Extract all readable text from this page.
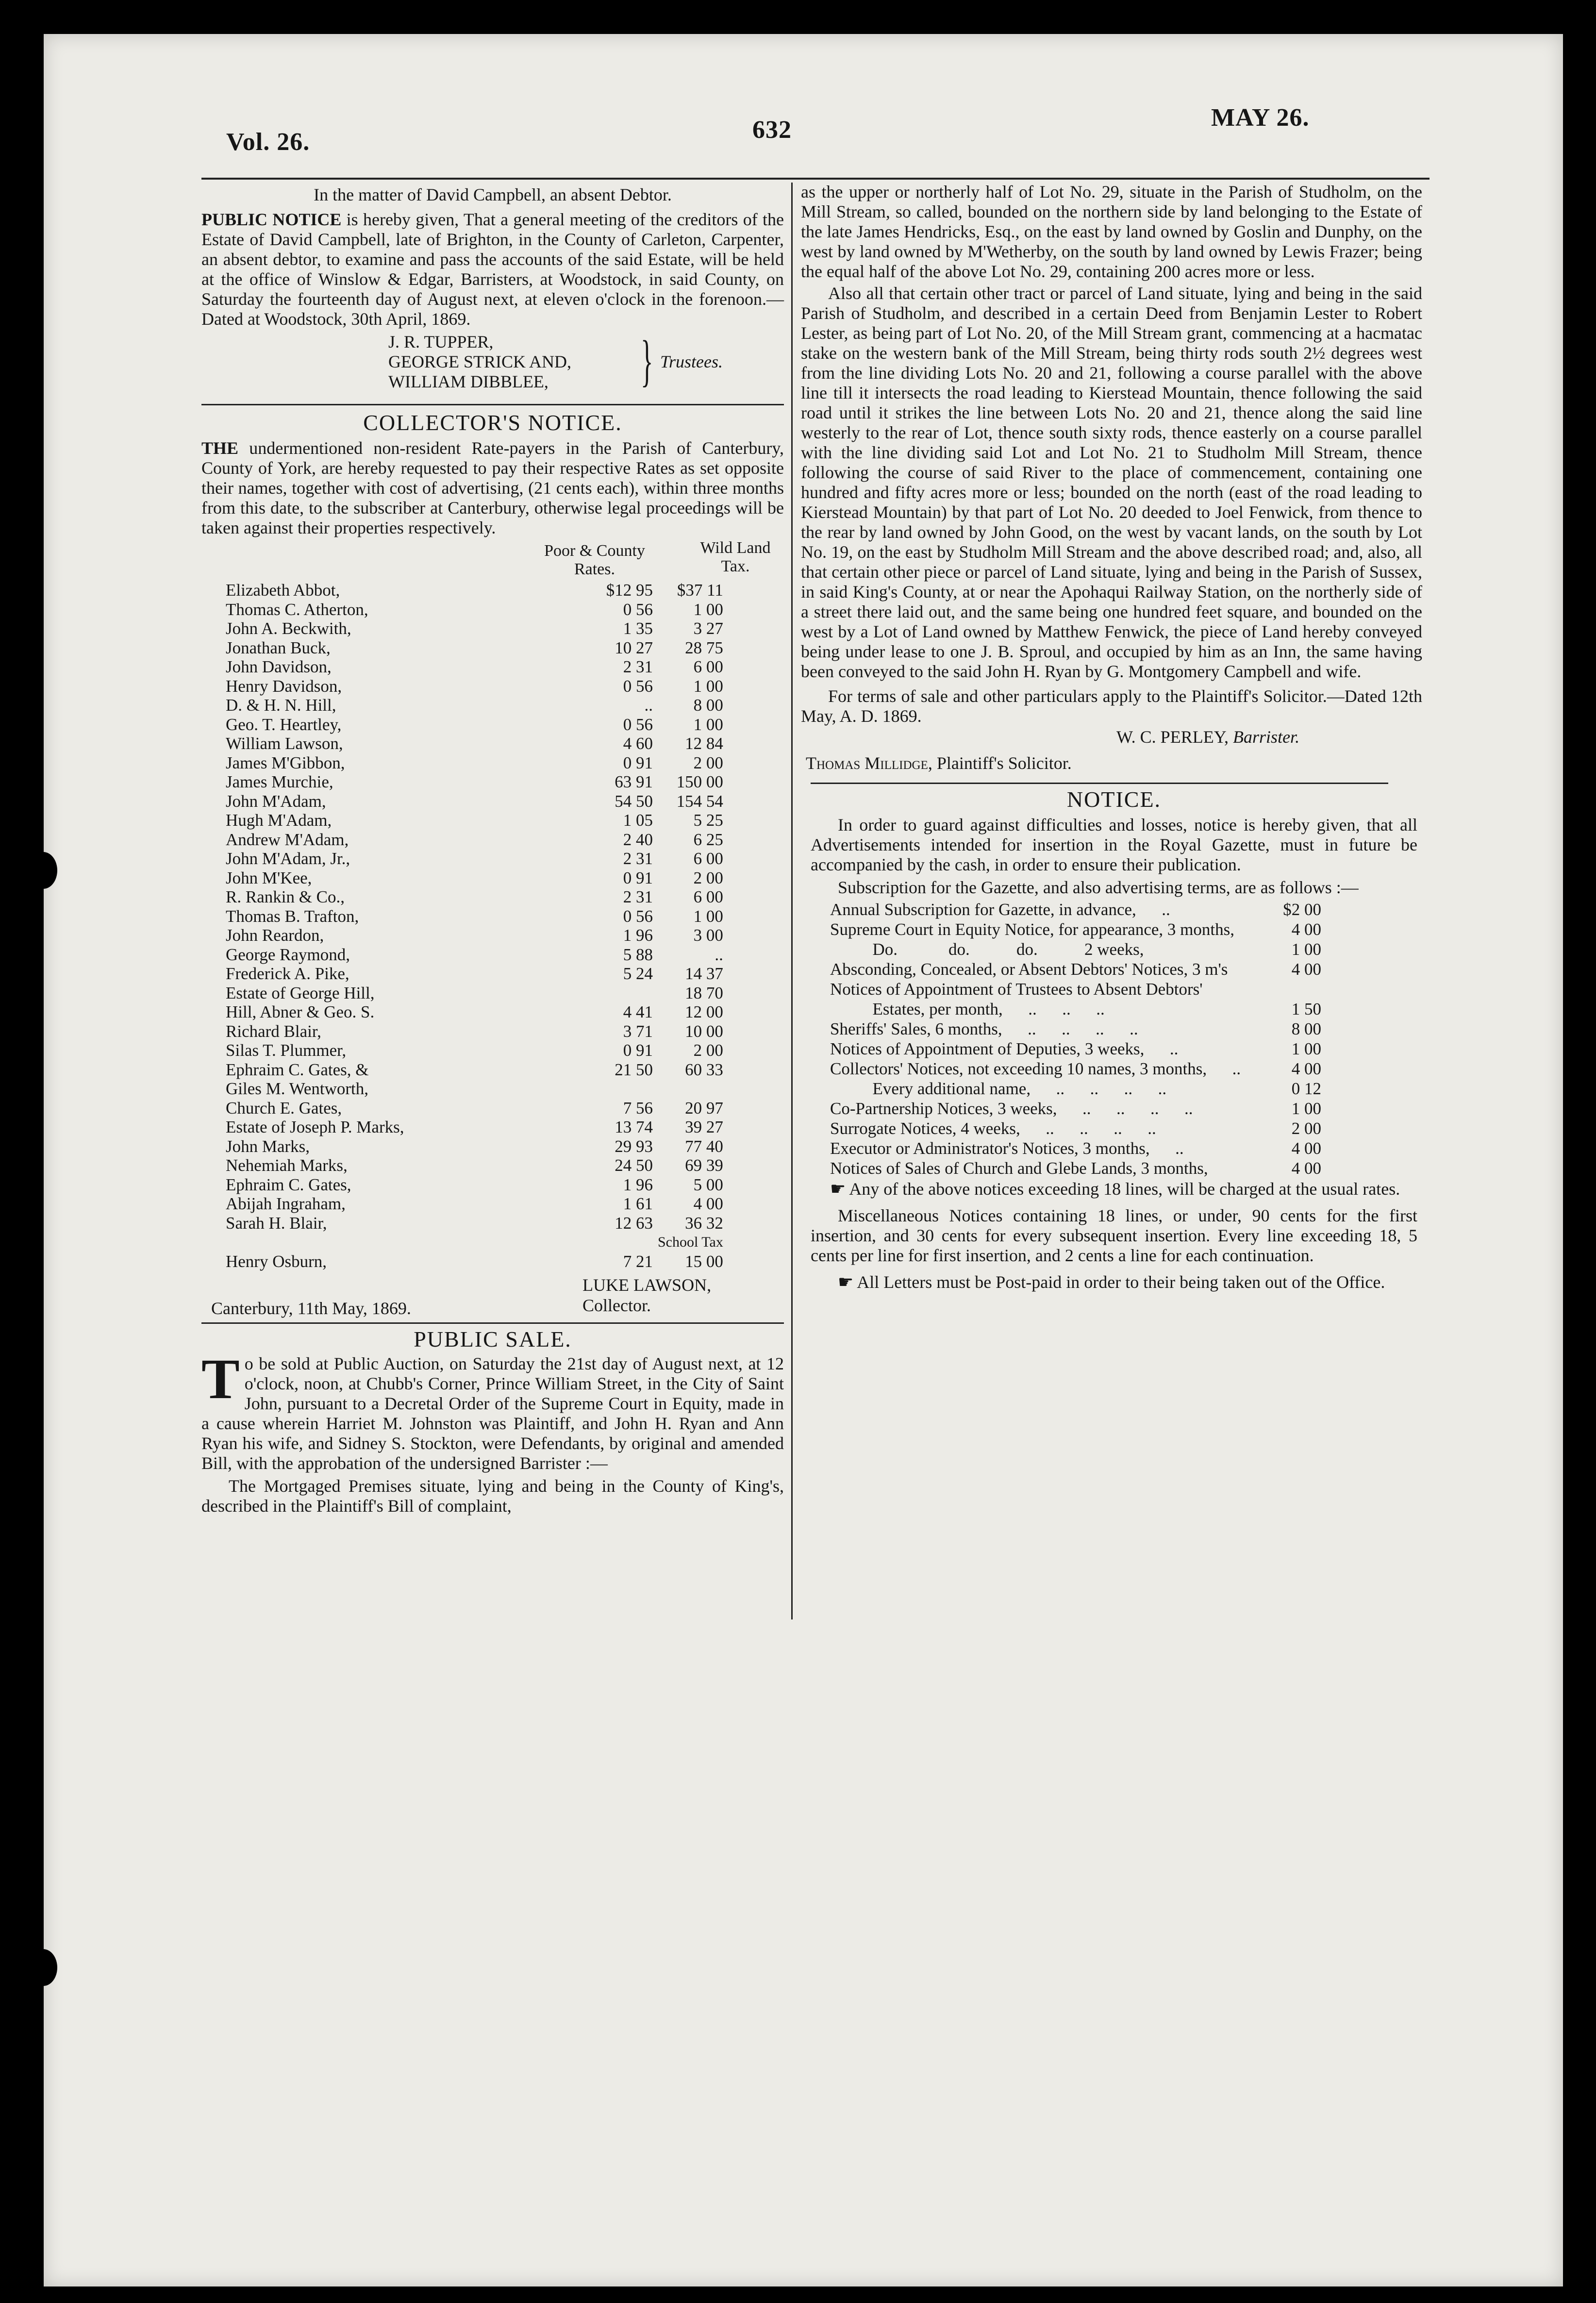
Vol. 26.	632	MAY 26.

In the matter of David Campbell, an absent Debtor.

PUBLIC NOTICE is hereby given, That a general meeting of the creditors of the Estate of David Campbell, late of Brighton, in the County of Carleton, Carpenter, an absent debtor, to examine and pass the accounts of the said Estate, will be held at the office of Winslow & Edgar, Barristers, at Woodstock, in said County, on Saturday the fourteenth day of August next, at eleven o'clock in the forenoon.—Dated at Woodstock, 30th April, 1869.

J. R. TUPPER,
GEORGE STRICK AND,
WILLIAM DIBBLEE,	} Trustees.
COLLECTOR'S NOTICE.

THE undermentioned non-resident Rate-payers in the Parish of Canterbury, County of York, are hereby requested to pay their respective Rates as set opposite their names, together with cost of advertising, (21 cents each), within three months from this date, to the subscriber at Canterbury, otherwise legal proceedings will be taken against their properties respectively.

Poor & County
Rates.
Wild Land
Tax.
Elizabeth Abbot,	$12 95	$37 11
Thomas C. Atherton,	0 56	1 00
John A. Beckwith,	1 35	3 27
Jonathan Buck,	10 27	28 75
John Davidson,	2 31	6 00
Henry Davidson,	0 56	1 00
D. & H. N. Hill,	..	8 00
Geo. T. Heartley,	0 56	1 00
William Lawson,	4 60	12 84
James M'Gibbon,	0 91	2 00
James Murchie,	63 91	150 00
John M'Adam,	54 50	154 54
Hugh M'Adam,	1 05	5 25
Andrew M'Adam,	2 40	6 25
John M'Adam, Jr.,	2 31	6 00
John M'Kee,	0 91	2 00
R. Rankin & Co.,	2 31	6 00
Thomas B. Trafton,	0 56	1 00
John Reardon,	1 96	3 00
George Raymond,	5 88	..
Frederick A. Pike,	5 24	14 37
Estate of George Hill,		18 70
Hill, Abner & Geo. S.	4 41	12 00
Richard Blair,	3 71	10 00
Silas T. Plummer,	0 91	2 00
Ephraim C. Gates, &	21 50	60 33
Giles M. Wentworth,		
Church E. Gates,	7 56	20 97
Estate of Joseph P. Marks,	13 74	39 27
John Marks,	29 93	77 40
Nehemiah Marks,	24 50	69 39
Ephraim C. Gates,	1 96	5 00
Abijah Ingraham,	1 61	4 00
Sarah H. Blair,	12 63	36 32
		School Tax
Henry Osburn,	7 21	15 00
LUKE LAWSON, Collector.
Canterbury, 11th May, 1869.
PUBLIC SALE.

To be sold at Public Auction, on Saturday the 21st day of August next, at 12 o'clock, noon, at Chubb's Corner, Prince William Street, in the City of Saint John, pursuant to a Decretal Order of the Supreme Court in Equity, made in a cause wherein Harriet M. Johnston was Plaintiff, and John H. Ryan and Ann Ryan his wife, and Sidney S. Stockton, were Defendants, by original and amended Bill, with the approbation of the undersigned Barrister :—

The Mortgaged Premises situate, lying and being in the County of King's, described in the Plaintiff's Bill of complaint,

as the upper or northerly half of Lot No. 29, situate in the Parish of Studholm, on the Mill Stream, so called, bounded on the northern side by land belonging to the Estate of the late James Hendricks, Esq., on the east by land owned by Goslin and Dunphy, on the west by land owned by M'Wetherby, on the south by land owned by Lewis Frazer; being the equal half of the above Lot No. 29, containing 200 acres more or less.

Also all that certain other tract or parcel of Land situate, lying and being in the said Parish of Studholm, and described in a certain Deed from Benjamin Lester to Robert Lester, as being part of Lot No. 20, of the Mill Stream grant, commencing at a hacmatac stake on the western bank of the Mill Stream, being thirty rods south 2½ degrees west from the line dividing Lots No. 20 and 21, following a course parallel with the above line till it intersects the road leading to Kierstead Mountain, thence following the said road until it strikes the line between Lots No. 20 and 21, thence along the said line westerly to the rear of Lot, thence south sixty rods, thence easterly on a course parallel with the line dividing said Lot and Lot No. 21 to Studholm Mill Stream, thence following the course of said River to the place of commencement, containing one hundred and fifty acres more or less; bounded on the north (east of the road leading to Kierstead Mountain) by that part of Lot No. 20 deeded to Joel Fenwick, from thence to the rear by land owned by John Good, on the west by vacant lands, on the south by Lot No. 19, on the east by Studholm Mill Stream and the above described road; and, also, all that certain other piece or parcel of Land situate, lying and being in the Parish of Sussex, in said King's County, at or near the Apohaqui Railway Station, on the northerly side of a street there laid out, and the same being one hundred feet square, and bounded on the west by a Lot of Land owned by Matthew Fenwick, the piece of Land hereby conveyed being under lease to one J. B. Sproul, and occupied by him as an Inn, the same having been conveyed to the said John H. Ryan by G. Montgomery Campbell and wife.

For terms of sale and other particulars apply to the Plaintiff's Solicitor.—Dated 12th May, A. D. 1869.

W. C. PERLEY, Barrister.
Thomas Millidge, Plaintiff's Solicitor.
NOTICE.

In order to guard against difficulties and losses, notice is hereby given, that all Advertisements intended for insertion in the Royal Gazette, must in future be accompanied by the cash, in order to ensure their publication.

Subscription for the Gazette, and also advertising terms, are as follows :—

Annual Subscription for Gazette, in advance,      ..	$2 00
Supreme Court in Equity Notice, for appearance, 3 months,	4 00
Do.            do.           do.           2 weeks,	1 00
Absconding, Concealed, or Absent Debtors' Notices, 3 m's	4 00
Notices of Appointment of Trustees to Absent Debtors'	
Estates, per month,      ..      ..      ..	1 50
Sheriffs' Sales, 6 months,      ..      ..      ..      ..	8 00
Notices of Appointment of Deputies, 3 weeks,      ..	1 00
Collectors' Notices, not exceeding 10 names, 3 months,      ..	4 00
Every additional name,      ..      ..      ..      ..	0 12
Co-Partnership Notices, 3 weeks,      ..      ..      ..      ..	1 00
Surrogate Notices, 4 weeks,      ..      ..      ..      ..	2 00
Executor or Administrator's Notices, 3 months,      ..	4 00
Notices of Sales of Church and Glebe Lands, 3 months,	4 00

☛ Any of the above notices exceeding 18 lines, will be charged at the usual rates.

Miscellaneous Notices containing 18 lines, or under, 90 cents for the first insertion, and 30 cents for every subsequent insertion. Every line exceeding 18, 5 cents per line for first insertion, and 2 cents a line for each continuation.

☛ All Letters must be Post-paid in order to their being taken out of the Office.
